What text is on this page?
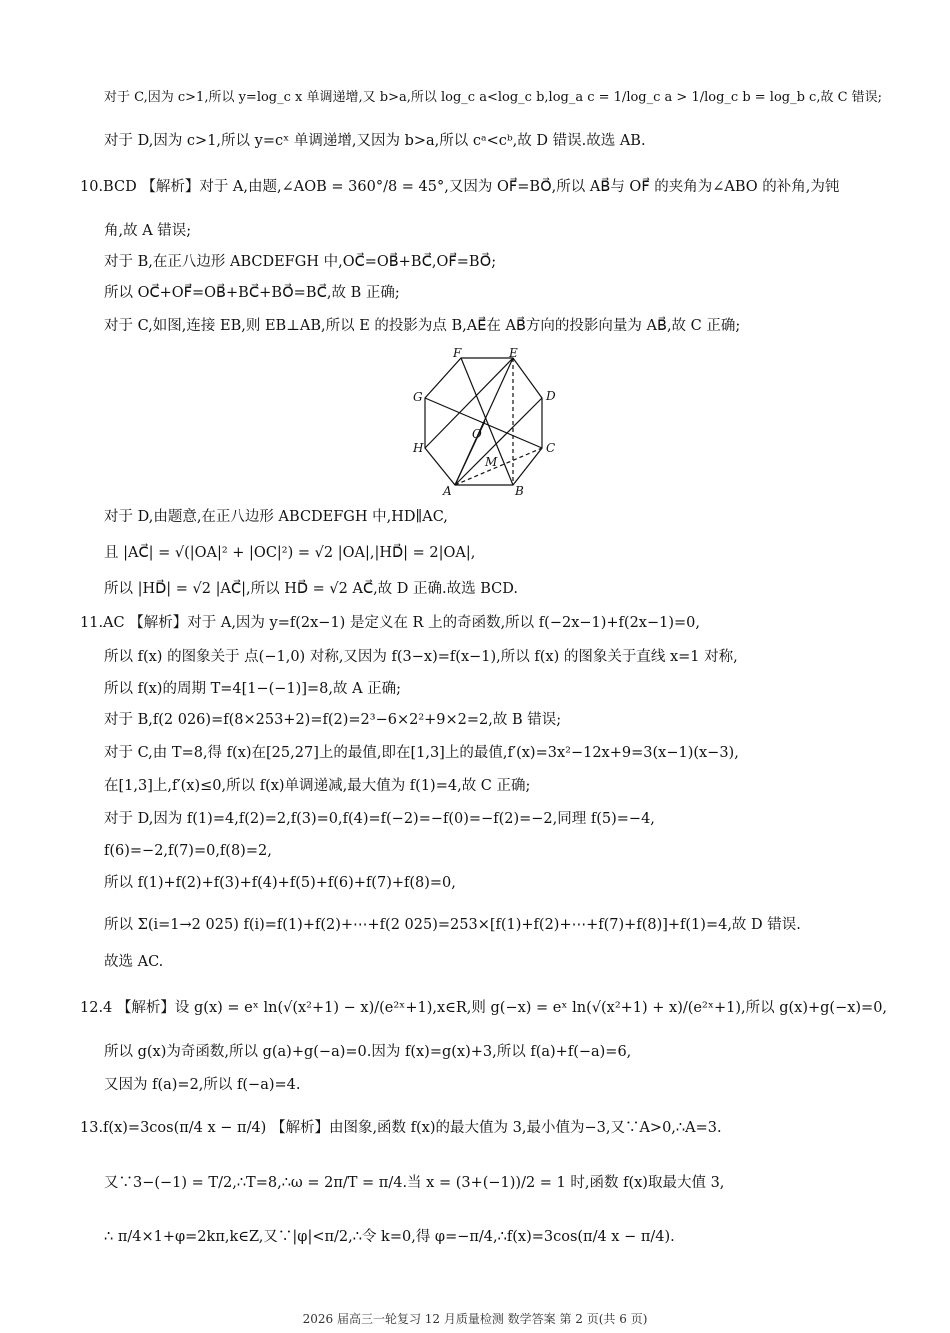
对于 C,因为 c>1,所以 y=log_c x 单调递增,又 b>a,所以 log_c a<log_c b,log_a c = 1/log_c a > 1/log_c b = log_b c,故 C 错误;
对于 D,因为 c>1,所以 y=cˣ 单调递增,又因为 b>a,所以 cᵃ<cᵇ,故 D 错误.故选 AB.
10.BCD 【解析】对于 A,由题,∠AOB = 360°/8 = 45°,又因为 OF⃗=BO⃗,所以 AB⃗与 OF⃗ 的夹角为∠ABO 的补角,为钝
角,故 A 错误;
对于 B,在正八边形 ABCDEFGH 中,OC⃗=OB⃗+BC⃗,OF⃗=BO⃗;
所以 OC⃗+OF⃗=OB⃗+BC⃗+BO⃗=BC⃗,故 B 正确;
对于 C,如图,连接 EB,则 EB⊥AB,所以 E 的投影为点 B,AE⃗在 AB⃗方向的投影向量为 AB⃗,故 C 正确;
A	B
C
D
E
F
G
H
O
M
对于 D,由题意,在正八边形 ABCDEFGH 中,HD∥AC,
且 |AC⃗| = √(|OA|² + |OC|²) = √2 |OA|,|HD⃗| = 2|OA|,
所以 |HD⃗| = √2 |AC⃗|,所以 HD⃗ = √2 AC⃗,故 D 正确.故选 BCD.
11.AC 【解析】对于 A,因为 y=f(2x−1) 是定义在 R 上的奇函数,所以 f(−2x−1)+f(2x−1)=0,
所以 f(x) 的图象关于 点(−1,0) 对称,又因为 f(3−x)=f(x−1),所以 f(x) 的图象关于直线 x=1 对称,
所以 f(x)的周期 T=4[1−(−1)]=8,故 A 正确;
对于 B,f(2 026)=f(8×253+2)=f(2)=2³−6×2²+9×2=2,故 B 错误;
对于 C,由 T=8,得 f(x)在[25,27]上的最值,即在[1,3]上的最值,f′(x)=3x²−12x+9=3(x−1)(x−3),
在[1,3]上,f′(x)≤0,所以 f(x)单调递减,最大值为 f(1)=4,故 C 正确;
对于 D,因为 f(1)=4,f(2)=2,f(3)=0,f(4)=f(−2)=−f(0)=−f(2)=−2,同理 f(5)=−4,
f(6)=−2,f(7)=0,f(8)=2,
所以 f(1)+f(2)+f(3)+f(4)+f(5)+f(6)+f(7)+f(8)=0,
所以 Σ(i=1→2 025) f(i)=f(1)+f(2)+⋯+f(2 025)=253×[f(1)+f(2)+⋯+f(7)+f(8)]+f(1)=4,故 D 错误.
故选 AC.
12.4 【解析】设 g(x) = eˣ ln(√(x²+1) − x)/(e²ˣ+1),x∈R,则 g(−x) = eˣ ln(√(x²+1) + x)/(e²ˣ+1),所以 g(x)+g(−x)=0,
所以 g(x)为奇函数,所以 g(a)+g(−a)=0.因为 f(x)=g(x)+3,所以 f(a)+f(−a)=6,
又因为 f(a)=2,所以 f(−a)=4.
13.f(x)=3cos(π/4 x − π/4) 【解析】由图象,函数 f(x)的最大值为 3,最小值为−3,又∵A>0,∴A=3.
又∵3−(−1) = T/2,∴T=8,∴ω = 2π/T = π/4.当 x = (3+(−1))/2 = 1 时,函数 f(x)取最大值 3,
∴ π/4×1+φ=2kπ,k∈Z,又∵|φ|<π/2,∴令 k=0,得 φ=−π/4,∴f(x)=3cos(π/4 x − π/4).
2026 届高三一轮复习 12 月质量检测 数学答案 第 2 页(共 6 页)
